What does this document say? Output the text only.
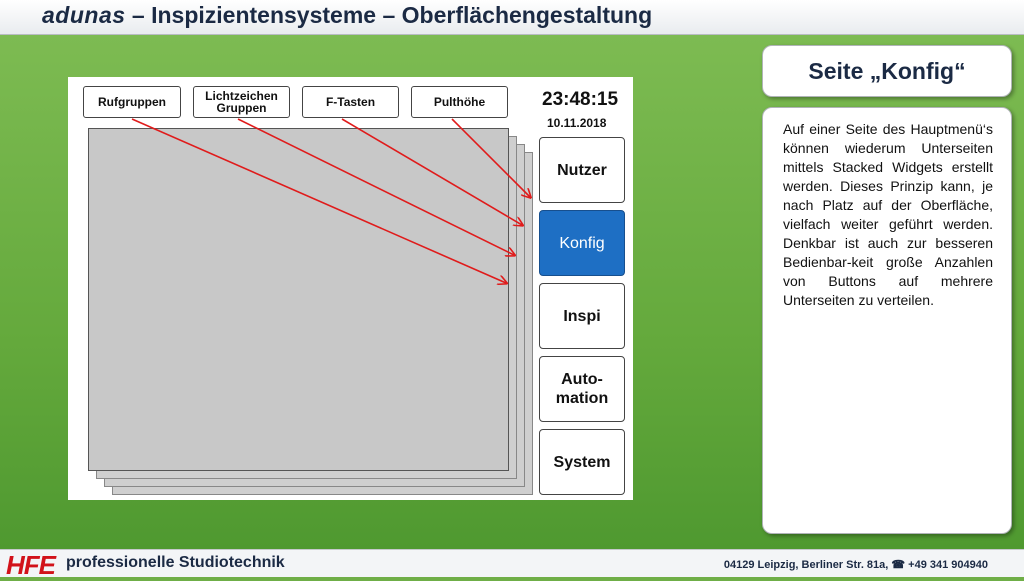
adunas – Inspizientensysteme – Oberflächengestaltung
Rufgruppen	Lichtzeichen
Gruppen	F-Tasten	Pulthöhe	23:48:15
10.11.2018
Nutzer
Konfig
Inspi
Auto-
mation
System
Seite „Konfig“

Auf einer Seite des Hauptmenü‘s können wiederum Unterseiten mittels Stacked Widgets erstellt werden. Dieses Prinzip kann, je nach Platz auf der Oberfläche, vielfach weiter geführt werden. Denkbar ist auch zur besseren Bedienbar-keit große Anzahlen von Buttons auf mehrere Unterseiten zu verteilen.

HFE professionelle Studiotechnik	04129 Leipzig, Berliner Str. 81a, ☎ +49 341 904940
